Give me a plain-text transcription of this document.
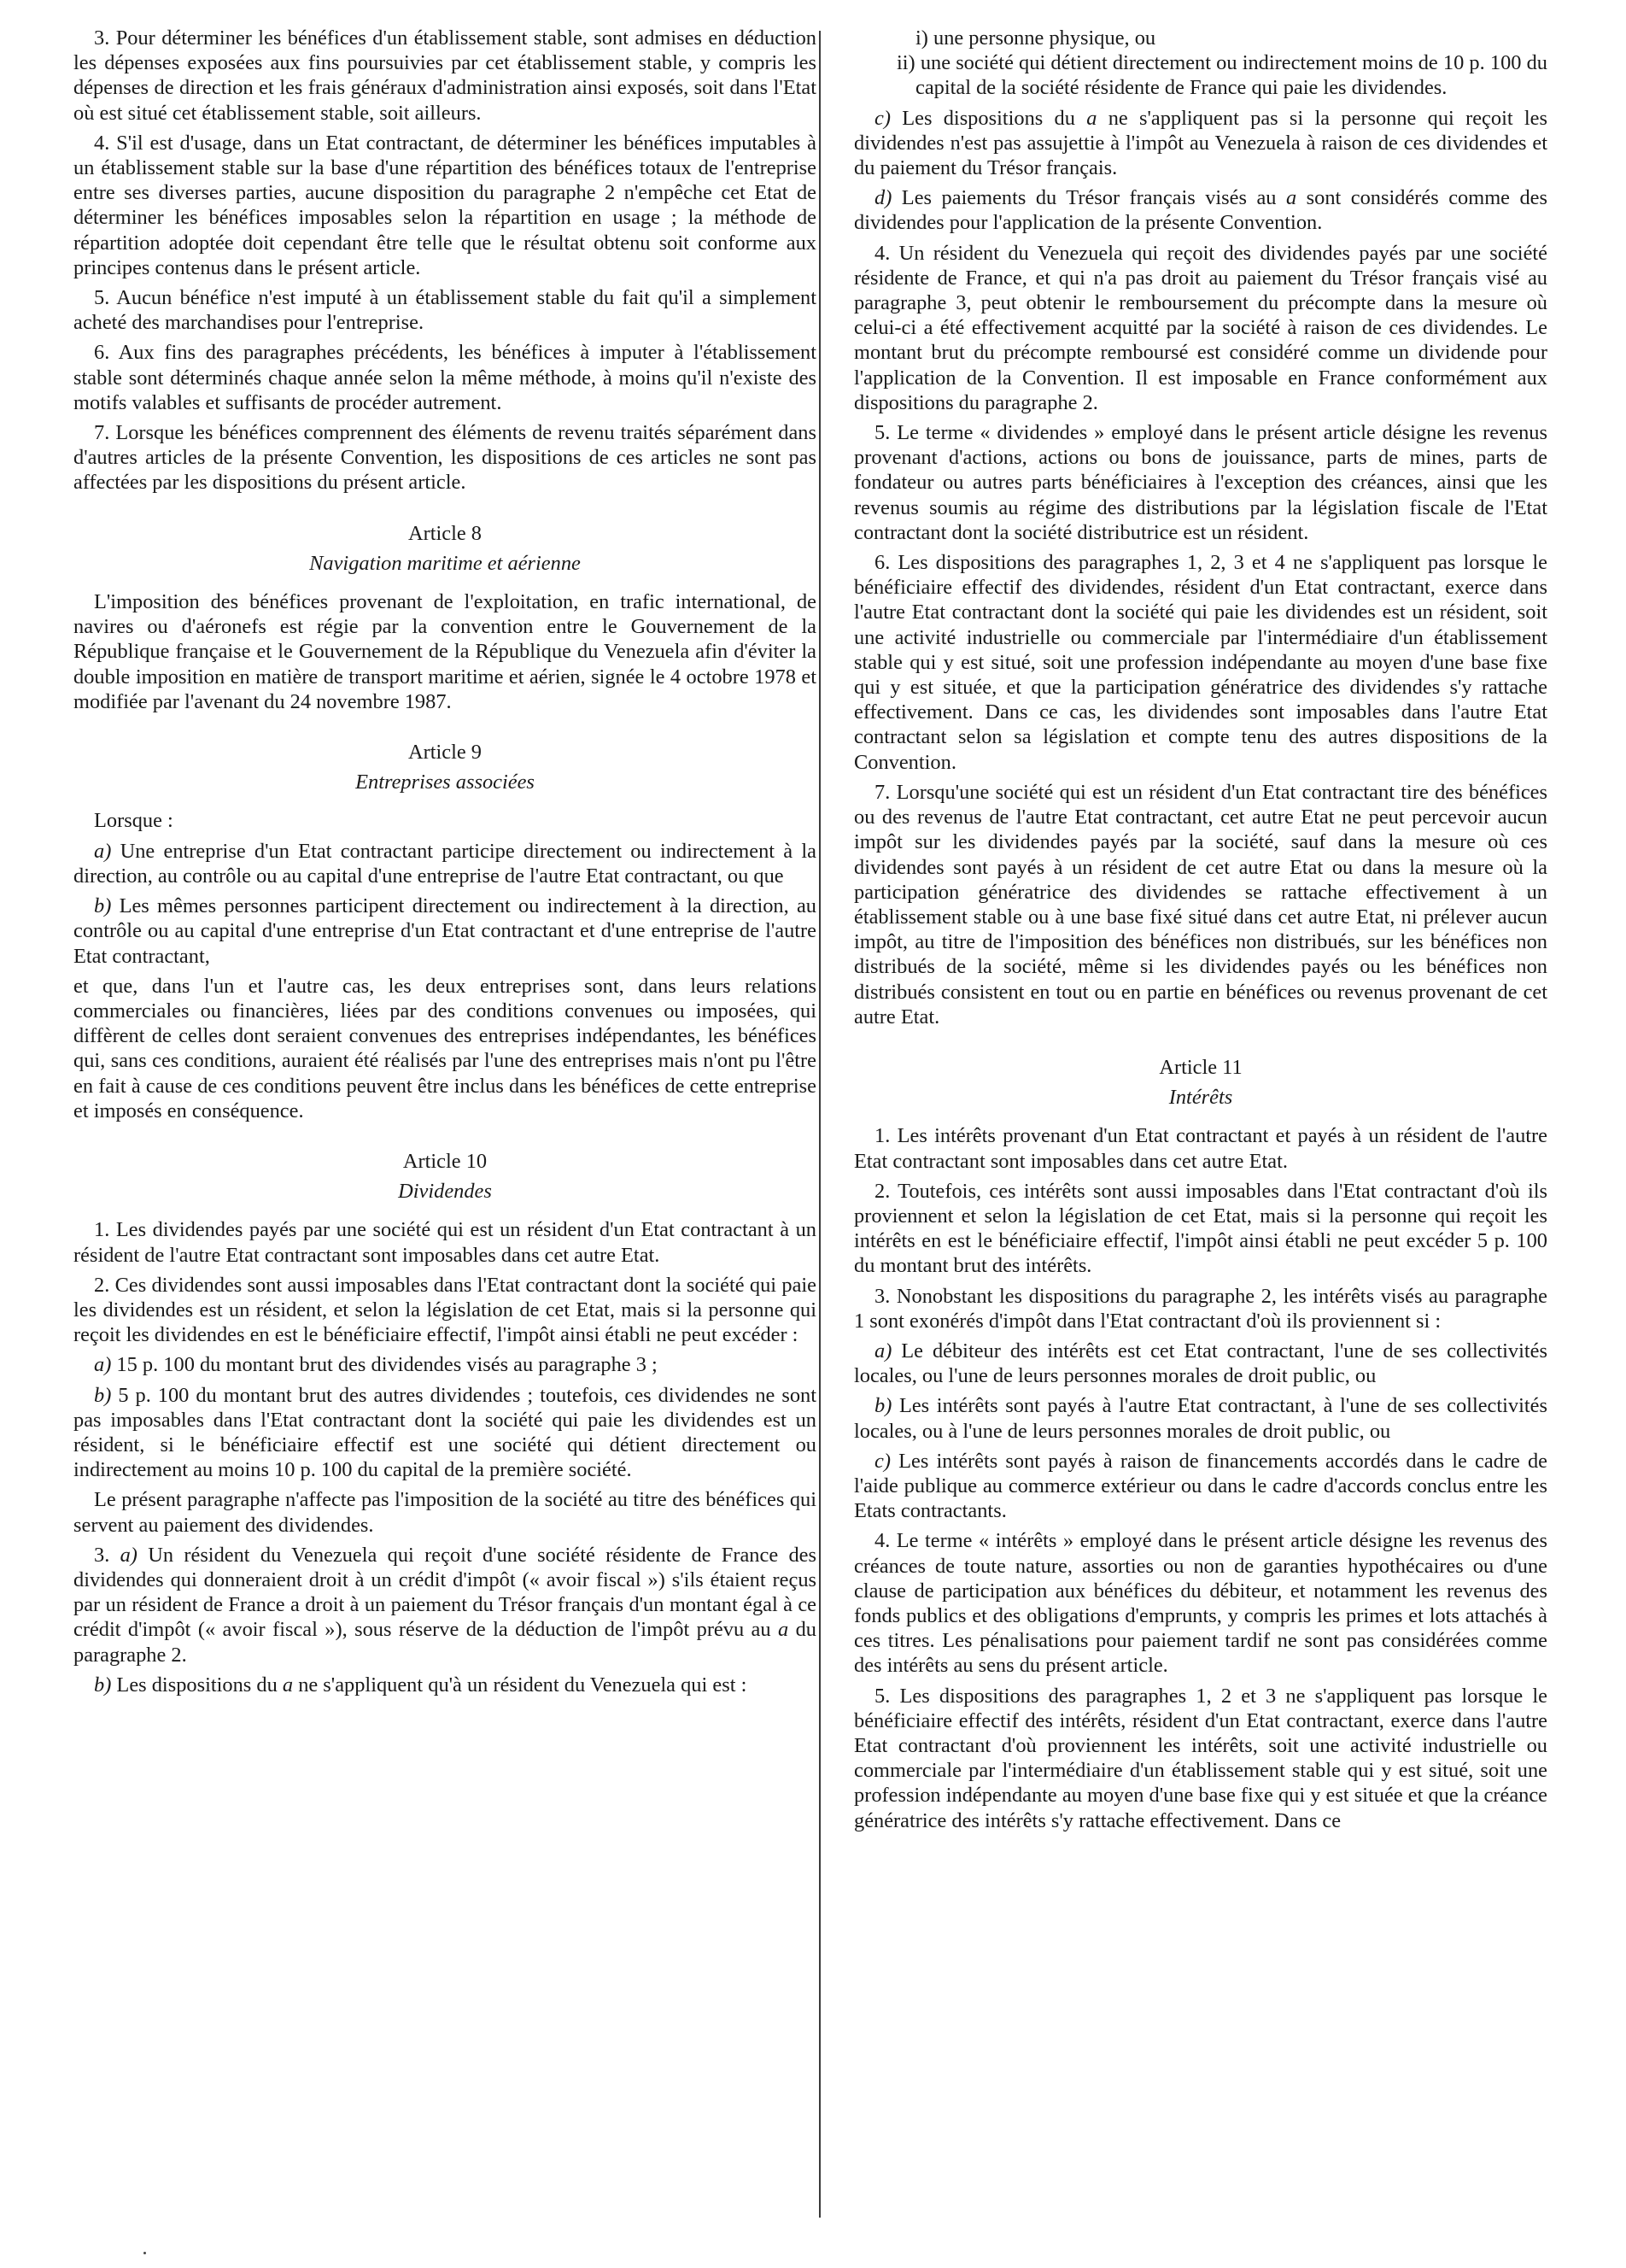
3. Pour déterminer les bénéfices d'un établissement stable, sont admises en déduction les dépenses exposées aux fins poursuivies par cet établissement stable, y compris les dépenses de direction et les frais généraux d'administration ainsi exposés, soit dans l'Etat où est situé cet établissement stable, soit ailleurs.

4. S'il est d'usage, dans un Etat contractant, de déterminer les bénéfices imputables à un établissement stable sur la base d'une répartition des bénéfices totaux de l'entreprise entre ses diverses parties, aucune disposition du paragraphe 2 n'empêche cet Etat de déterminer les bénéfices imposables selon la répartition en usage ; la méthode de répartition adoptée doit cependant être telle que le résultat obtenu soit conforme aux principes contenus dans le présent article.

5. Aucun bénéfice n'est imputé à un établissement stable du fait qu'il a simplement acheté des marchandises pour l'entreprise.

6. Aux fins des paragraphes précédents, les bénéfices à imputer à l'établissement stable sont déterminés chaque année selon la même méthode, à moins qu'il n'existe des motifs valables et suffisants de procéder autrement.

7. Lorsque les bénéfices comprennent des éléments de revenu traités séparément dans d'autres articles de la présente Convention, les dispositions de ces articles ne sont pas affectées par les dispositions du présent article.

Article 8

Navigation maritime et aérienne

L'imposition des bénéfices provenant de l'exploitation, en trafic international, de navires ou d'aéronefs est régie par la convention entre le Gouvernement de la République française et le Gouvernement de la République du Venezuela afin d'éviter la double imposition en matière de transport maritime et aérien, signée le 4 octobre 1978 et modifiée par l'avenant du 24 novembre 1987.

Article 9

Entreprises associées

Lorsque :

a) Une entreprise d'un Etat contractant participe directement ou indirectement à la direction, au contrôle ou au capital d'une entreprise de l'autre Etat contractant, ou que

b) Les mêmes personnes participent directement ou indirectement à la direction, au contrôle ou au capital d'une entreprise d'un Etat contractant et d'une entreprise de l'autre Etat contractant,

et que, dans l'un et l'autre cas, les deux entreprises sont, dans leurs relations commerciales ou financières, liées par des conditions convenues ou imposées, qui diffèrent de celles dont seraient convenues des entreprises indépendantes, les bénéfices qui, sans ces conditions, auraient été réalisés par l'une des entreprises mais n'ont pu l'être en fait à cause de ces conditions peuvent être inclus dans les bénéfices de cette entreprise et imposés en conséquence.

Article 10

Dividendes

1. Les dividendes payés par une société qui est un résident d'un Etat contractant à un résident de l'autre Etat contractant sont imposables dans cet autre Etat.

2. Ces dividendes sont aussi imposables dans l'Etat contractant dont la société qui paie les dividendes est un résident, et selon la législation de cet Etat, mais si la personne qui reçoit les dividendes en est le bénéficiaire effectif, l'impôt ainsi établi ne peut excéder :

a) 15 p. 100 du montant brut des dividendes visés au paragraphe 3 ;

b) 5 p. 100 du montant brut des autres dividendes ; toutefois, ces dividendes ne sont pas imposables dans l'Etat contractant dont la société qui paie les dividendes est un résident, si le bénéficiaire effectif est une société qui détient directement ou indirectement au moins 10 p. 100 du capital de la première société.

Le présent paragraphe n'affecte pas l'imposition de la société au titre des bénéfices qui servent au paiement des dividendes.

3. a) Un résident du Venezuela qui reçoit d'une société résidente de France des dividendes qui donneraient droit à un crédit d'impôt (« avoir fiscal ») s'ils étaient reçus par un résident de France a droit à un paiement du Trésor français d'un montant égal à ce crédit d'impôt (« avoir fiscal »), sous réserve de la déduction de l'impôt prévu au a du paragraphe 2.

b) Les dispositions du a ne s'appliquent qu'à un résident du Venezuela qui est :

i) une personne physique, ou

ii) une société qui détient directement ou indirectement moins de 10 p. 100 du capital de la société résidente de France qui paie les dividendes.

c) Les dispositions du a ne s'appliquent pas si la personne qui reçoit les dividendes n'est pas assujettie à l'impôt au Venezuela à raison de ces dividendes et du paiement du Trésor français.

d) Les paiements du Trésor français visés au a sont considérés comme des dividendes pour l'application de la présente Convention.

4. Un résident du Venezuela qui reçoit des dividendes payés par une société résidente de France, et qui n'a pas droit au paiement du Trésor français visé au paragraphe 3, peut obtenir le remboursement du précompte dans la mesure où celui-ci a été effectivement acquitté par la société à raison de ces dividendes. Le montant brut du précompte remboursé est considéré comme un dividende pour l'application de la Convention. Il est imposable en France conformément aux dispositions du paragraphe 2.

5. Le terme « dividendes » employé dans le présent article désigne les revenus provenant d'actions, actions ou bons de jouissance, parts de mines, parts de fondateur ou autres parts bénéficiaires à l'exception des créances, ainsi que les revenus soumis au régime des distributions par la législation fiscale de l'Etat contractant dont la société distributrice est un résident.

6. Les dispositions des paragraphes 1, 2, 3 et 4 ne s'appliquent pas lorsque le bénéficiaire effectif des dividendes, résident d'un Etat contractant, exerce dans l'autre Etat contractant dont la société qui paie les dividendes est un résident, soit une activité industrielle ou commerciale par l'intermédiaire d'un établissement stable qui y est situé, soit une profession indépendante au moyen d'une base fixe qui y est située, et que la participation génératrice des dividendes s'y rattache effectivement. Dans ce cas, les dividendes sont imposables dans l'autre Etat contractant selon sa législation et compte tenu des autres dispositions de la Convention.

7. Lorsqu'une société qui est un résident d'un Etat contractant tire des bénéfices ou des revenus de l'autre Etat contractant, cet autre Etat ne peut percevoir aucun impôt sur les dividendes payés par la société, sauf dans la mesure où ces dividendes sont payés à un résident de cet autre Etat ou dans la mesure où la participation génératrice des dividendes se rattache effectivement à un établissement stable ou à une base fixé situé dans cet autre Etat, ni prélever aucun impôt, au titre de l'imposition des bénéfices non distribués, sur les bénéfices non distribués de la société, même si les dividendes payés ou les bénéfices non distribués consistent en tout ou en partie en bénéfices ou revenus provenant de cet autre Etat.

Article 11

Intérêts

1. Les intérêts provenant d'un Etat contractant et payés à un résident de l'autre Etat contractant sont imposables dans cet autre Etat.

2. Toutefois, ces intérêts sont aussi imposables dans l'Etat contractant d'où ils proviennent et selon la législation de cet Etat, mais si la personne qui reçoit les intérêts en est le bénéficiaire effectif, l'impôt ainsi établi ne peut excéder 5 p. 100 du montant brut des intérêts.

3. Nonobstant les dispositions du paragraphe 2, les intérêts visés au paragraphe 1 sont exonérés d'impôt dans l'Etat contractant d'où ils proviennent si :

a) Le débiteur des intérêts est cet Etat contractant, l'une de ses collectivités locales, ou l'une de leurs personnes morales de droit public, ou

b) Les intérêts sont payés à l'autre Etat contractant, à l'une de ses collectivités locales, ou à l'une de leurs personnes morales de droit public, ou

c) Les intérêts sont payés à raison de financements accordés dans le cadre de l'aide publique au commerce extérieur ou dans le cadre d'accords conclus entre les Etats contractants.

4. Le terme « intérêts » employé dans le présent article désigne les revenus des créances de toute nature, assorties ou non de garanties hypothécaires ou d'une clause de participation aux bénéfices du débiteur, et notamment les revenus des fonds publics et des obligations d'emprunts, y compris les primes et lots attachés à ces titres. Les pénalisations pour paiement tardif ne sont pas considérées comme des intérêts au sens du présent article.

5. Les dispositions des paragraphes 1, 2 et 3 ne s'appliquent pas lorsque le bénéficiaire effectif des intérêts, résident d'un Etat contractant, exerce dans l'autre Etat contractant d'où proviennent les intérêts, soit une activité industrielle ou commerciale par l'intermédiaire d'un établissement stable qui y est situé, soit une profession indépendante au moyen d'une base fixe qui y est située et que la créance génératrice des intérêts s'y rattache effectivement. Dans ce
